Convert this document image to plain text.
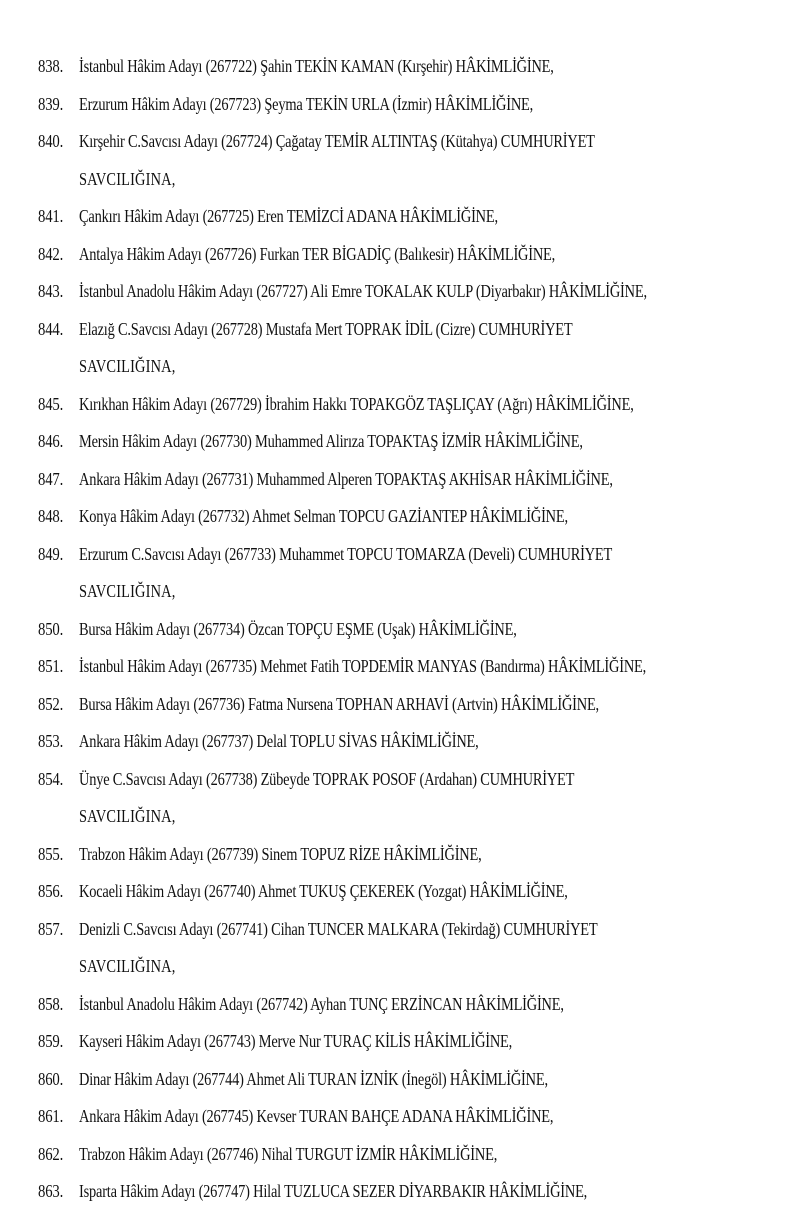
838. İstanbul Hâkim Adayı (267722) Şahin TEKİN KAMAN (Kırşehir) HÂKİMLİĞİNE,
839. Erzurum Hâkim Adayı (267723) Şeyma TEKİN URLA (İzmir) HÂKİMLİĞİNE,
840. Kırşehir C.Savcısı Adayı (267724) Çağatay TEMİR ALTINTAŞ (Kütahya) CUMHURİYET
SAVCILIĞINA,
841. Çankırı Hâkim Adayı (267725) Eren TEMİZCİ ADANA HÂKİMLİĞİNE,
842. Antalya Hâkim Adayı (267726) Furkan TER BİGADİÇ (Balıkesir) HÂKİMLİĞİNE,
843. İstanbul Anadolu Hâkim Adayı (267727) Ali Emre TOKALAK KULP (Diyarbakır) HÂKİMLİĞİNE,
844. Elazığ C.Savcısı Adayı (267728) Mustafa Mert TOPRAK İDİL (Cizre) CUMHURİYET
SAVCILIĞINA,
845. Kırıkhan Hâkim Adayı (267729) İbrahim Hakkı TOPAKGÖZ TAŞLIÇAY (Ağrı) HÂKİMLİĞİNE,
846. Mersin Hâkim Adayı (267730) Muhammed Alirıza TOPAKTAŞ İZMİR HÂKİMLİĞİNE,
847. Ankara Hâkim Adayı (267731) Muhammed Alperen TOPAKTAŞ AKHİSAR HÂKİMLİĞİNE,
848. Konya Hâkim Adayı (267732) Ahmet Selman TOPCU GAZİANTEP HÂKİMLİĞİNE,
849. Erzurum C.Savcısı Adayı (267733) Muhammet TOPCU TOMARZA (Develi) CUMHURİYET
SAVCILIĞINA,
850. Bursa Hâkim Adayı (267734) Özcan TOPÇU EŞME (Uşak) HÂKİMLİĞİNE,
851. İstanbul Hâkim Adayı (267735) Mehmet Fatih TOPDEMİR MANYAS (Bandırma) HÂKİMLİĞİNE,
852. Bursa Hâkim Adayı (267736) Fatma Nursena TOPHAN ARHAVİ (Artvin) HÂKİMLİĞİNE,
853. Ankara Hâkim Adayı (267737) Delal TOPLU SİVAS HÂKİMLİĞİNE,
854. Ünye C.Savcısı Adayı (267738) Zübeyde TOPRAK POSOF (Ardahan) CUMHURİYET
SAVCILIĞINA,
855. Trabzon Hâkim Adayı (267739) Sinem TOPUZ RİZE HÂKİMLİĞİNE,
856. Kocaeli Hâkim Adayı (267740) Ahmet TUKUŞ ÇEKEREK (Yozgat) HÂKİMLİĞİNE,
857. Denizli C.Savcısı Adayı (267741) Cihan TUNCER MALKARA (Tekirdağ) CUMHURİYET
SAVCILIĞINA,
858. İstanbul Anadolu Hâkim Adayı (267742) Ayhan TUNÇ ERZİNCAN HÂKİMLİĞİNE,
859. Kayseri Hâkim Adayı (267743) Merve Nur TURAÇ KİLİS HÂKİMLİĞİNE,
860. Dinar Hâkim Adayı (267744) Ahmet Ali TURAN İZNİK (İnegöl) HÂKİMLİĞİNE,
861. Ankara Hâkim Adayı (267745) Kevser TURAN BAHÇE ADANA HÂKİMLİĞİNE,
862. Trabzon Hâkim Adayı (267746) Nihal TURGUT İZMİR HÂKİMLİĞİNE,
863. Isparta Hâkim Adayı (267747) Hilal TUZLUCA SEZER DİYARBAKIR HÂKİMLİĞİNE,
